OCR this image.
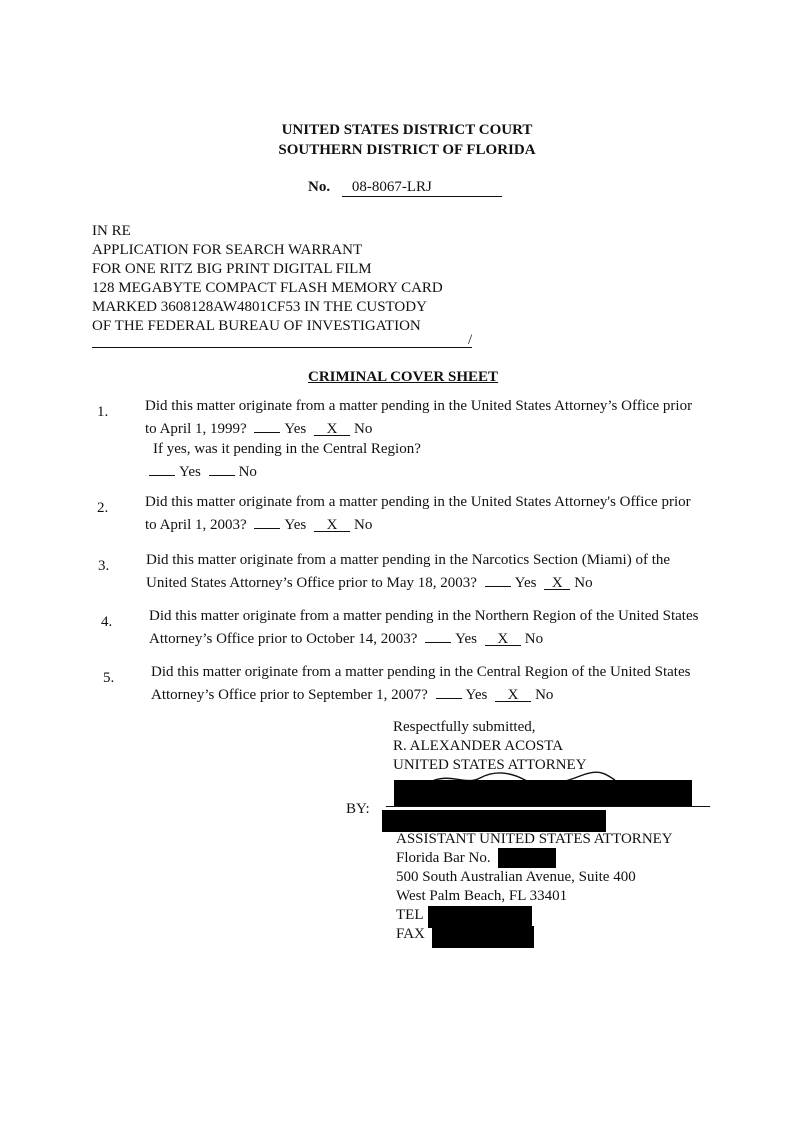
UNITED STATES DISTRICT COURT
SOUTHERN DISTRICT OF FLORIDA
No. 08-8067-LRJ
IN RE
APPLICATION FOR SEARCH WARRANT
FOR ONE RITZ BIG PRINT DIGITAL FILM
128 MEGABYTE COMPACT FLASH MEMORY CARD
MARKED 3608128AW4801CF53 IN THE CUSTODY
OF THE FEDERAL BUREAU OF INVESTIGATION
/
CRIMINAL COVER SHEET
1. Did this matter originate from a matter pending in the United States Attorney’s Office prior
to April 1, 1999?	Yes X No
If yes, was it pending in the Central Region?
Yes	No
2. Did this matter originate from a matter pending in the United States Attorney's Office prior
to April 1, 2003?	Yes X No
3. Did this matter originate from a matter pending in the Narcotics Section (Miami) of the
United States Attorney’s Office prior to May 18, 2003?	Yes X No
4. Did this matter originate from a matter pending in the Northern Region of the United States
Attorney’s Office prior to October 14, 2003?	Yes X No
5. Did this matter originate from a matter pending in the Central Region of the United States
Attorney’s Office prior to September 1, 2007?	Yes X No
Respectfully submitted,
R. ALEXANDER ACOSTA
UNITED STATES ATTORNEY
BY:
ASSISTANT UNITED STATES ATTORNEY
Florida Bar No.
500 South Australian Avenue, Suite 400
West Palm Beach, FL 33401
TEL
FAX
